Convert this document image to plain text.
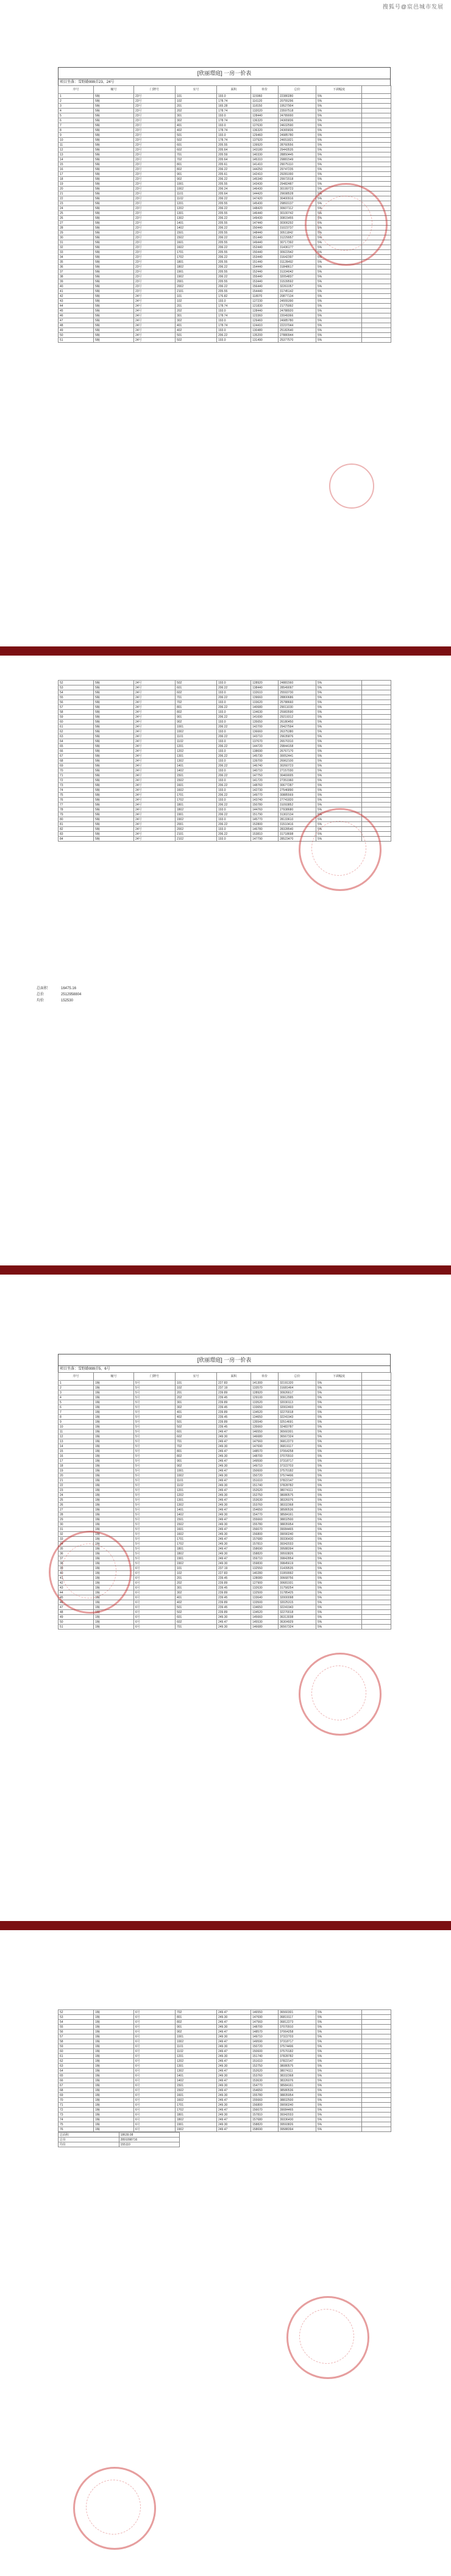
搜狐号@宸邑城市发展
[欣丽璟庭] 一房一价表
项目坐落：雪野路999弄23、24号
序号	幢号	门牌号	室号	面积	单价	总价	下调幅度	
1	5幢	23号	101	193.0	115960	22380280	5%	
2	5幢	23号	102	178.74	116120	20755296	5%	
3	5幢	23号	201	165.28	118150	19527904	5%	
4	5幢	23号	202	178.74	132020	23597518	5%	
5	5幢	23号	301	193.0	128440	24789000	5%	
6	5幢	23号	302	178.74	136320	24365836	5%	
7	5幢	23号	401	193.0	127630	24632590	5%	
8	5幢	23号	402	178.74	136320	24365836	5%	
9	5幢	23号	501	193.0	129460	24985780	5%	
10	5幢	23号	502	178.74	137920	24651821	5%	
11	5幢	23号	601	205.55	139920	28760556	5%	
12	5幢	23号	602	205.64	143180	29443535	5%	
13	5幢	23号	701	205.59	140330	28850445	5%	
14	5幢	23号	702	205.64	145310	29881549	5%	
15	5幢	23号	801	205.61	141410	29075110	5%	
16	5幢	23号	802	206.22	144250	29747235	5%	
17	5幢	23号	901	205.61	142410	29281000	5%	
18	5幢	23号	902	206.22	145340	29972018	5%	
19	5幢	23号	1001	205.55	143430	29482487	5%	
20	5幢	23号	1002	206.24	146430	30199723	5%	
21	5幢	23号	1101	205.64	144420	29698528	5%	
22	5幢	23号	1102	206.22	147420	30400916	5%	
23	5幢	23号	1201	205.55	145430	29893137	5%	
24	5幢	23号	1202	206.22	148420	30607112	5%	
25	5幢	23号	1301	205.55	146440	30100742	5%	
26	5幢	23号	1302	206.22	149430	30815455	5%	
27	5幢	23号	1401	205.55	147440	30306292	5%	
28	5幢	23号	1402	206.22	150440	31023737	5%	
29	5幢	23号	1501	205.55	148440	30511842	5%	
30	5幢	23号	1502	206.22	151440	31229957	5%	
31	5幢	23号	1601	205.55	149440	30717392	5%	
32	5幢	23号	1602	206.22	152440	31436177	5%	
33	5幢	23号	1701	205.55	150440	30922942	5%	
34	5幢	23号	1702	206.22	153440	31642397	5%	
35	5幢	23号	1801	205.55	151440	31128492	5%	
36	5幢	23号	1802	206.22	154440	31848617	5%	
37	5幢	23号	1901	205.55	152440	31334042	5%	
38	5幢	23号	1902	206.22	155440	32054837	5%	
39	5幢	23号	2001	205.55	153440	31539592	5%	
40	5幢	23号	2002	206.22	156440	32261057	5%	
41	5幢	23号	2101	205.55	154440	31745142	5%	
42	5幢	24号	101	176.82	118070	20877134	5%	
43	5幢	24号	102	193.0	127230	24555390	5%	
44	5幢	24号	201	178.74	121830	21775992	5%	
45	5幢	24号	202	193.0	128440	24788920	5%	
46	5幢	24号	301	178.74	123360	22049366	5%	
47	5幢	24号	302	193.0	129460	24985780	5%	
48	5幢	24号	401	178.74	124410	22237044	5%	
49	5幢	24号	402	193.0	130480	25182640	5%	
50	5幢	24号	501	206.22	135200	27880944	5%	
51	5幢	24号	502	193.0	131490	25377570	5%	
52	5幢	24号	502	193.0	128920	24881560	5%	
53	5幢	24号	601	206.22	138440	28549097	5%	
54	5幢	24号	602	193.0	132610	25593730	5%	
55	5幢	24号	701	206.22	139660	28800686	5%	
56	5幢	24号	702	193.0	133620	25788660	5%	
57	5幢	24号	801	206.22	140680	29011030	5%	
58	5幢	24号	802	193.0	134630	25983590	5%	
59	5幢	24号	901	206.22	141690	29219312	5%	
60	5幢	24号	902	193.0	135650	26180450	5%	
61	5幢	24号	1001	206.22	142700	29427594	5%	
62	5幢	24号	1002	193.0	136660	26375380	5%	
63	5幢	24号	1101	206.22	143710	29635876	5%	
64	5幢	24号	1102	193.0	137670	26570310	5%	
65	5幢	24号	1201	206.22	144720	29844158	5%	
66	5幢	24号	1202	193.0	138690	26767170	5%	
67	5幢	24号	1301	206.22	145730	30052441	5%	
68	5幢	24号	1302	193.0	139700	26962100	5%	
69	5幢	24号	1401	206.22	146740	30260723	5%	
70	5幢	24号	1402	193.0	140710	27157030	5%	
71	5幢	24号	1501	206.22	147750	30469005	5%	
72	5幢	24号	1502	193.0	141720	27351960	5%	
73	5幢	24号	1601	206.22	148760	30677287	5%	
74	5幢	24号	1602	193.0	142730	27546890	5%	
75	5幢	24号	1701	206.22	149770	30885569	5%	
76	5幢	24号	1702	193.0	143740	27741820	5%	
77	5幢	24号	1801	206.22	150780	31093852	5%	
78	5幢	24号	1802	193.0	144760	27938680	5%	
79	5幢	24号	1901	206.22	151790	31302134	5%	
80	5幢	24号	1902	193.0	145770	28133610	5%	
81	5幢	24号	2001	206.22	152800	31510416	5%	
82	5幢	24号	2002	193.0	146780	28328540	5%	
83	5幢	24号	2101	206.22	153810	31718698	5%	
84	5幢	24号	2102	193.0	147790	28523470	5%	
总面积	16475.16
总价	2512958804
均价	152530
[欣丽璟庭] 一房一价表
项目坐落：雪野路999弄5、6号
序号	幢号	门牌号	室号	面积	单价	总价	下调幅度	
1	1幢	5号	101	227.83	141300	32191320	5%	
2	1幢	5号	102	237.19	133570	31681464	5%	
3	1幢	5号	201	239.89	128920	30926617	5%	
4	1幢	5号	202	239.45	129100	30912995	5%	
5	1幢	5号	301	239.89	133520	32030113	5%	
6	1幢	5号	302	239.45	133650	32002493	5%	
7	1幢	5号	401	239.89	134520	32270018	5%	
8	1幢	5号	402	239.45	134650	32241943	5%	
9	1幢	5号	501	239.89	135540	32514691	5%	
10	1幢	5号	502	239.45	135660	32483787	5%	
11	1幢	5号	601	249.47	146550	36560301	5%	
12	1幢	5号	602	249.30	146680	36567324	5%	
13	1幢	5号	701	249.47	147560	36812273	5%	
14	1幢	5号	702	249.30	147690	36819117	5%	
15	1幢	5号	801	249.47	148570	37064258	5%	
16	1幢	5号	802	249.30	148700	37070910	5%	
17	1幢	5号	901	249.47	149590	37318717	5%	
18	1幢	5号	902	249.30	149710	37322703	5%	
19	1幢	5号	1001	249.47	150600	37570182	5%	
20	1幢	5号	1002	249.30	150720	37574496	5%	
21	1幢	5号	1101	249.47	151610	37822147	5%	
22	1幢	5号	1102	249.30	151740	37828782	5%	
23	1幢	5号	1201	249.47	152620	38074111	5%	
24	1幢	5号	1202	249.30	152750	38080575	5%	
25	1幢	5号	1301	249.47	153630	38326076	5%	
26	1幢	5号	1302	249.30	153760	38332368	5%	
27	1幢	5号	1401	249.47	154650	38580536	5%	
28	1幢	5号	1402	249.30	154770	38584161	5%	
29	1幢	5号	1501	249.47	155660	38832500	5%	
30	1幢	5号	1502	249.30	155780	38835954	5%	
31	1幢	5号	1601	249.47	156670	39084465	5%	
32	1幢	5号	1602	249.30	156800	39090240	5%	
33	1幢	5号	1701	249.47	157680	39336430	5%	
34	1幢	5号	1702	249.30	157810	39342033	5%	
35	1幢	5号	1801	249.47	158690	39588394	5%	
36	1幢	5号	1802	249.30	158820	39593826	5%	
37	1幢	5号	1901	249.47	159710	39842854	5%	
38	1幢	5号	1902	249.30	159830	39845619	5%	
39	1幢	6号	101	237.19	132550	31439535	5%	
40	1幢	6号	102	227.83	140280	31959992	5%	
41	1幢	6号	201	239.45	128080	30668756	5%	
42	1幢	6号	202	239.89	127900	30681931	5%	
43	1幢	6号	301	239.45	132630	31758254	5%	
44	1幢	6号	302	239.89	132500	31785425	5%	
45	1幢	6号	401	239.45	133640	32000098	5%	
46	1幢	6号	402	239.89	133500	32025315	5%	
47	1幢	6号	501	239.45	134650	32241943	5%	
48	1幢	6号	502	239.89	134520	32270018	5%	
49	1幢	6号	601	249.30	145660	36313038	5%	
50	1幢	6号	602	249.47	145530	36304929	5%	
51	1幢	6号	701	249.30	146680	36567324	5%	
52	1幢	6号	702	249.47	146550	36560301	5%	
53	1幢	6号	801	249.30	147690	36819117	5%	
54	1幢	6号	802	249.47	147560	36812273	5%	
55	1幢	6号	901	249.30	148700	37070910	5%	
56	1幢	6号	902	249.47	148570	37064258	5%	
57	1幢	6号	1001	249.30	149710	37322703	5%	
58	1幢	6号	1002	249.47	149590	37318717	5%	
59	1幢	6号	1101	249.30	150720	37574496	5%	
60	1幢	6号	1102	249.47	150600	37570182	5%	
61	1幢	6号	1201	249.30	151740	37828782	5%	
62	1幢	6号	1202	249.47	151610	37822147	5%	
63	1幢	6号	1301	249.30	152750	38080575	5%	
64	1幢	6号	1302	249.47	152620	38074111	5%	
65	1幢	6号	1401	249.30	153760	38332368	5%	
66	1幢	6号	1402	249.47	153630	38326076	5%	
67	1幢	6号	1501	249.30	154770	38584161	5%	
68	1幢	6号	1502	249.47	154650	38580536	5%	
69	1幢	6号	1601	249.30	155780	38835954	5%	
70	1幢	6号	1602	249.47	155660	38832500	5%	
71	1幢	6号	1701	249.30	156800	39090240	5%	
72	1幢	6号	1702	249.47	156670	39084465	5%	
73	1幢	6号	1801	249.30	157810	39342033	5%	
74	1幢	6号	1802	249.47	157680	39336430	5%	
75	1幢	6号	1901	249.30	158820	39593826	5%	
76	1幢	6号	1902	249.47	158690	39588394	5%	
总面积	18639.08
总价	2891098716
均价	155110
